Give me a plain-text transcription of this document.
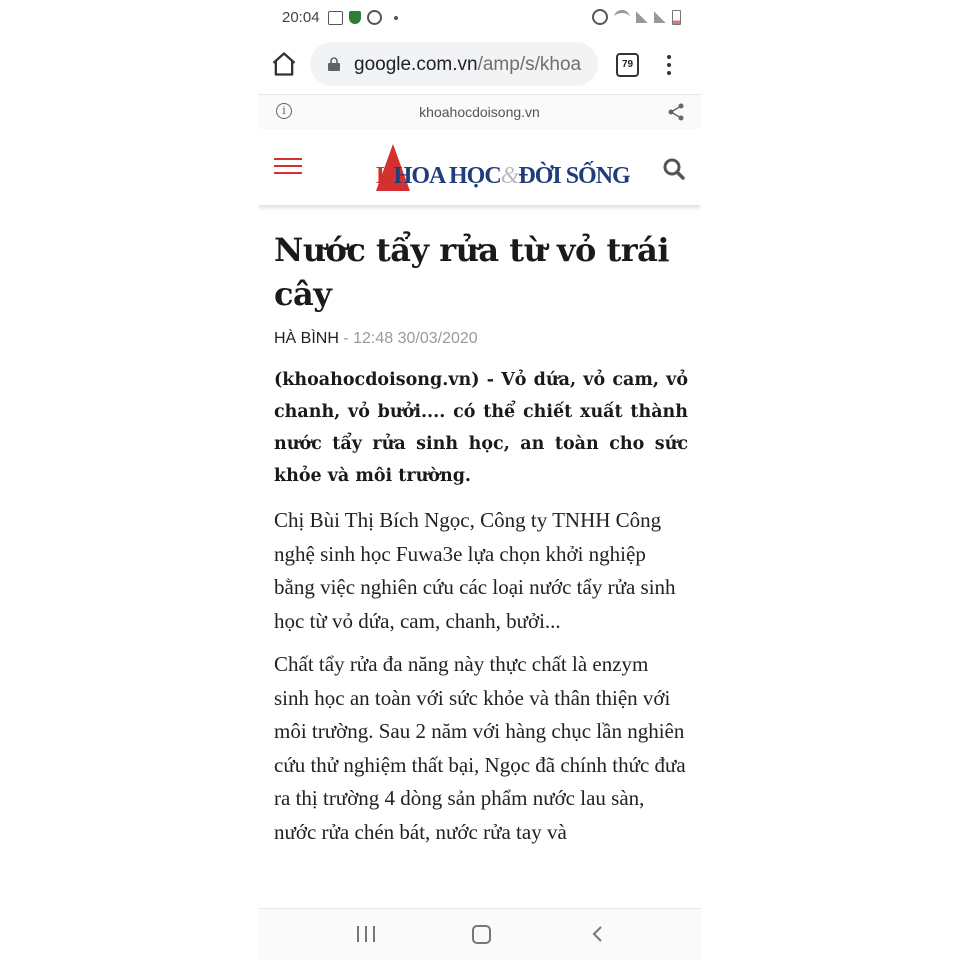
20:04
google.com.vn/amp/s/khoa	79
i	khoahocdoisong.vn
KHOA HỌC&ĐỜI SỐNG
Nước tẩy rửa từ vỏ trái cây
HÀ BÌNH - 12:48 30/03/2020
(khoahocdoisong.vn) - Vỏ dứa, vỏ cam, vỏ chanh, vỏ bưởi.... có thể chiết xuất thành nước tẩy rửa sinh học, an toàn cho sức khỏe và môi trường.
Chị Bùi Thị Bích Ngọc, Công ty TNHH Công nghệ sinh học Fuwa3e lựa chọn khởi nghiệp bằng việc nghiên cứu các loại nước tẩy rửa sinh học từ vỏ dứa, cam, chanh, bưởi...
Chất tẩy rửa đa năng này thực chất là enzym sinh học an toàn với sức khỏe và thân thiện với môi trường. Sau 2 năm với hàng chục lần nghiên cứu thử nghiệm thất bại, Ngọc đã chính thức đưa ra thị trường 4 dòng sản phẩm nước lau sàn, nước rửa chén bát, nước rửa tay và
